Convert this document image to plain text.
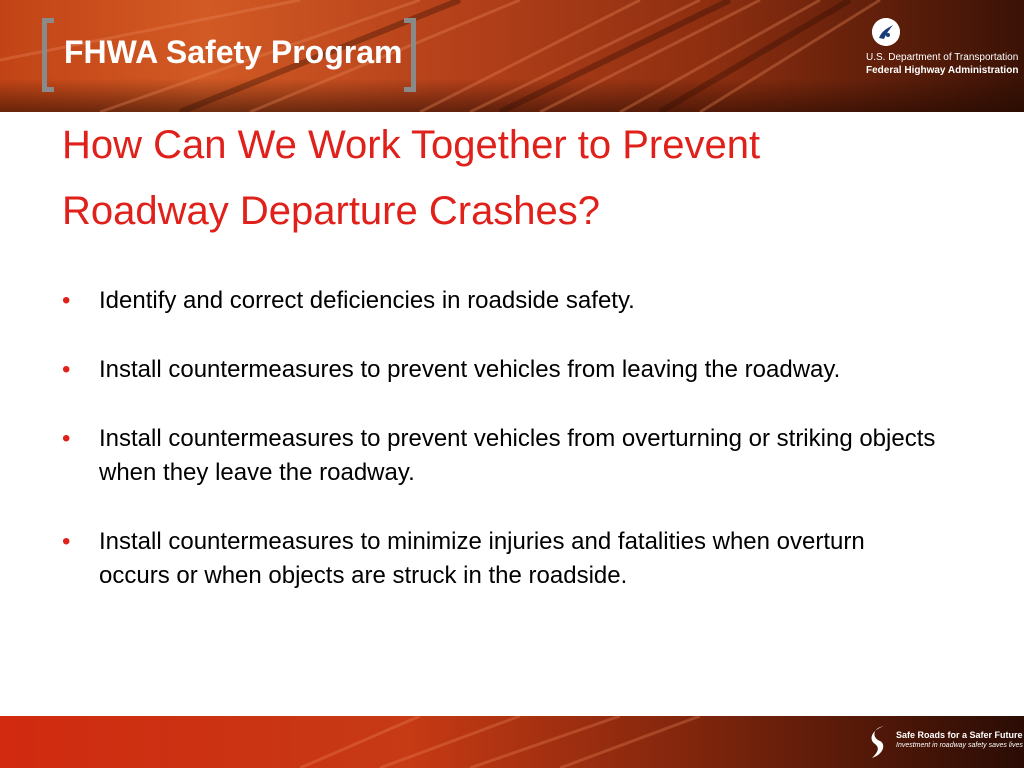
FHWA Safety Program	U.S. Department of Transportation
Federal Highway Administration
How Can We Work Together to Prevent
Roadway Departure Crashes?
• Identify and correct deficiencies in roadside safety.
• Install countermeasures to prevent vehicles from leaving the roadway.
• Install countermeasures to prevent vehicles from overturning or striking objects when they leave the roadway.
• Install countermeasures to minimize injuries and fatalities when overturn occurs or when objects are struck in the roadside.
Safe Roads for a Safer Future
Investment in roadway safety saves lives
